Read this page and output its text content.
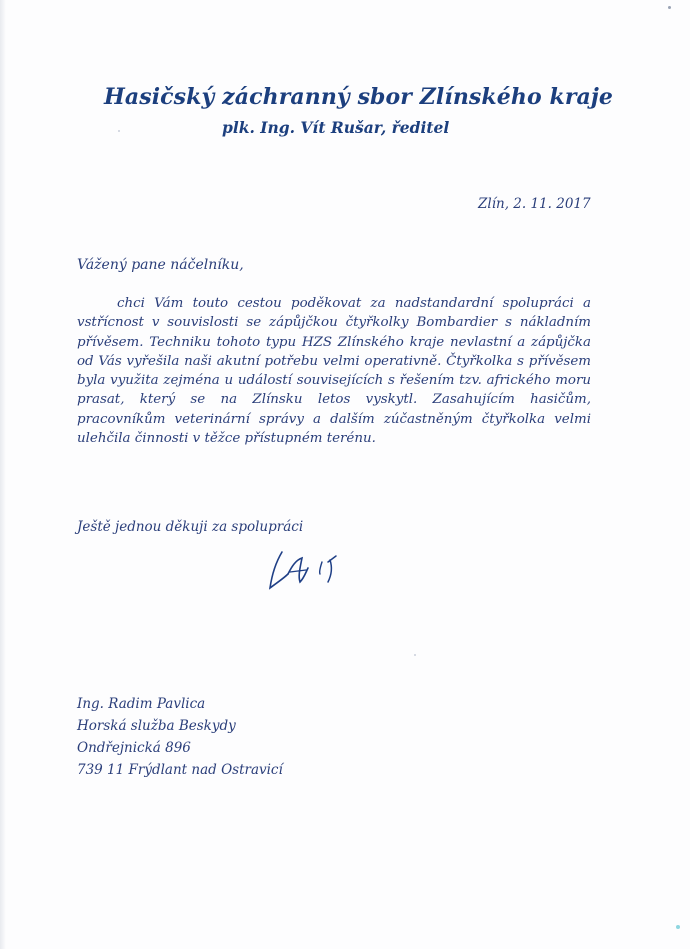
Hasičský záchranný sbor Zlínského kraje
plk. Ing. Vít Rušar, ředitel
Zlín, 2. 11. 2017
Vážený pane náčelníku,

chci Vám touto cestou poděkovat za nadstandardní spolupráci a vstřícnost v souvislosti se zápůjčkou čtyřkolky Bombardier s nákladním přívěsem. Techniku tohoto typu HZS Zlínského kraje nevlastní a zápůjčka od Vás vyřešila naši akutní potřebu velmi operativně. Čtyřkolka s přívěsem byla využita zejména u událostí souvisejících s řešením tzv. afrického moru prasat, který se na Zlínsku letos vyskytl. Zasahujícím hasičům, pracovníkům veterinární správy a dalším zúčastněným čtyřkolka velmi ulehčila činnosti v těžce přístupném terénu.

Ještě jednou děkuji za spolupráci
Ing. Radim Pavlica
Horská služba Beskydy
Ondřejnická 896
739 11 Frýdlant nad Ostravicí
